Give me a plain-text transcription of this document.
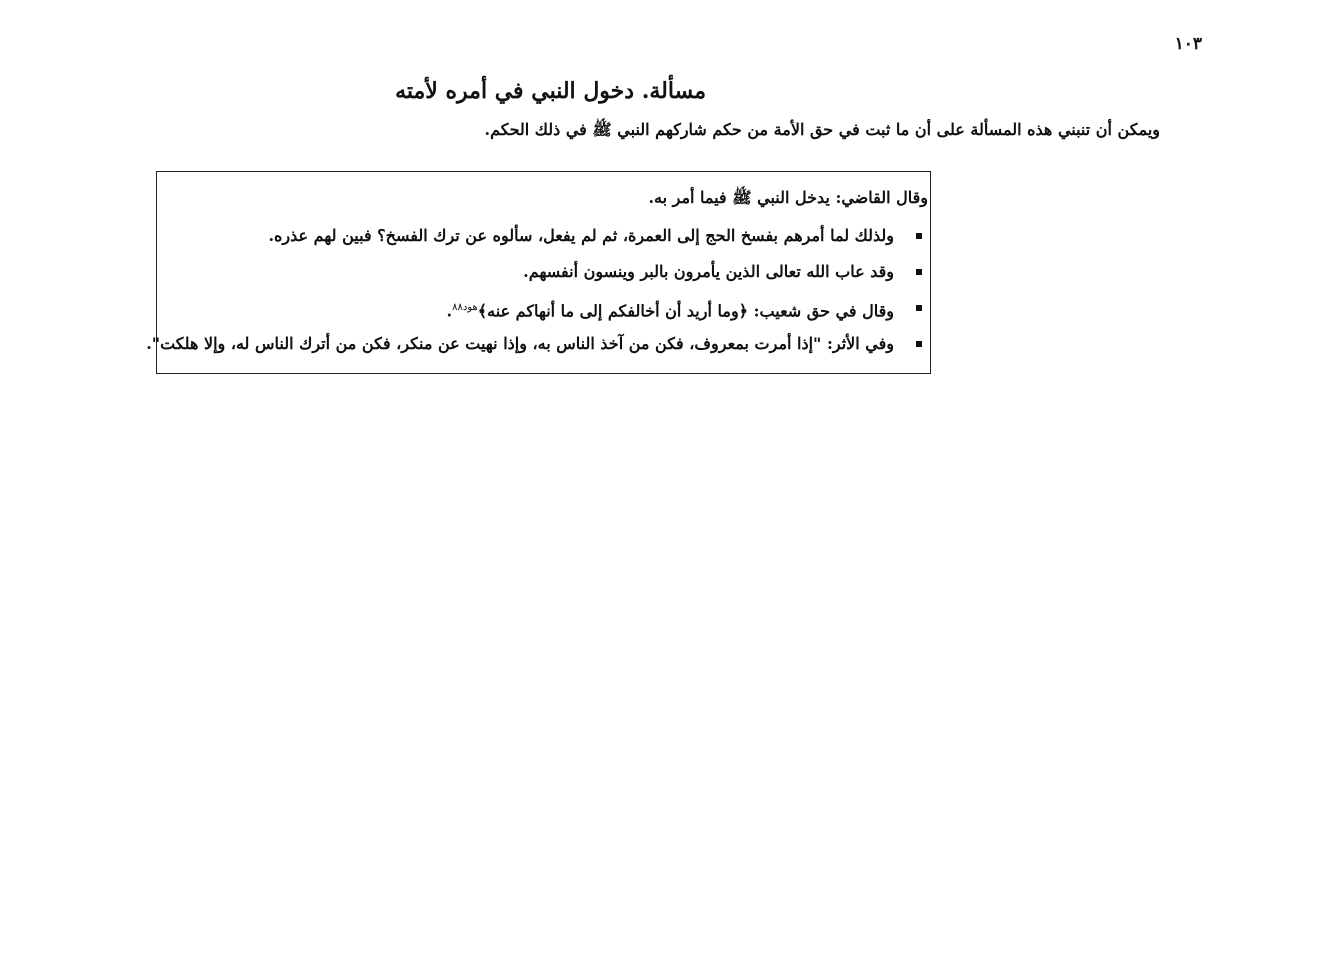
١٠٣
مسألة. دخول النبي في أمره لأمته
ويمكن أن تنبني هذه المسألة على أن ما ثبت في حق الأمة من حكم شاركهم النبي ﷺ في ذلك الحكم.
وقال القاضي: يدخل النبي ﷺ فيما أمر به.
ولذلك لما أمرهم بفسخ الحج إلى العمرة، ثم لم يفعل، سألوه عن ترك الفسخ؟ فبين لهم عذره.
وقد عاب الله تعالى الذين يأمرون بالبر وينسون أنفسهم.
وقال في حق شعيب: ﴿وما أريد أن أخالفكم إلى ما أنهاكم عنه﴾$^{هود٨٨}$.
وفي الأثر: "إذا أمرت بمعروف، فكن من آخذ الناس به، وإذا نهيت عن منكر، فكن من أترك الناس له، وإلا هلكت".
